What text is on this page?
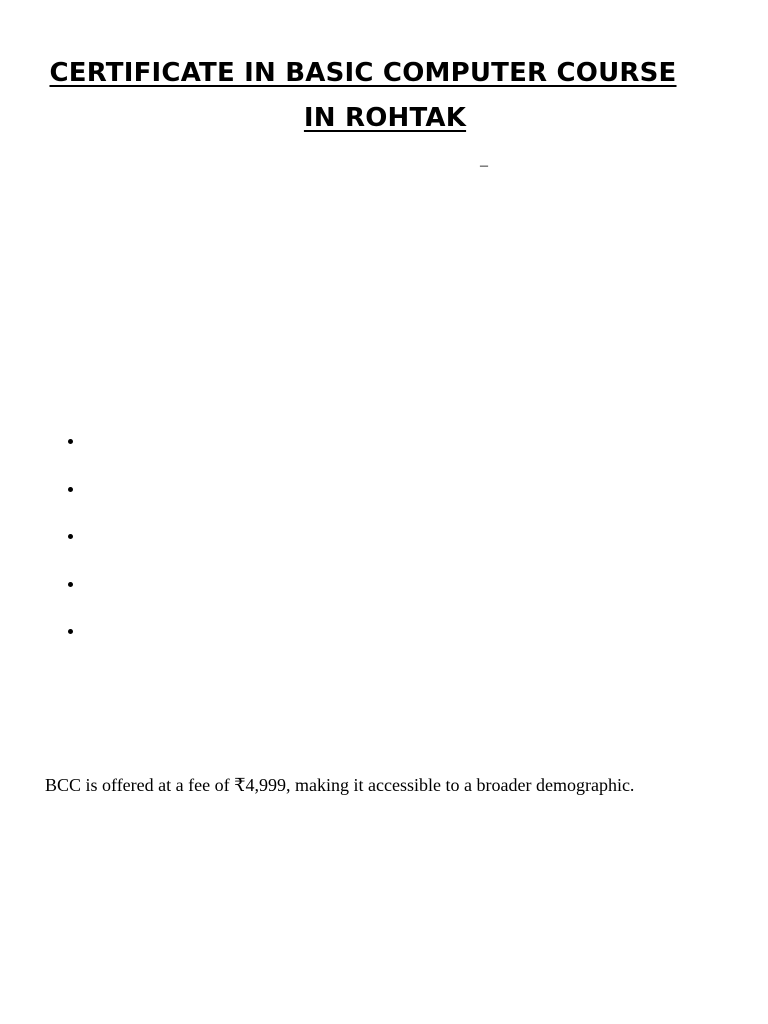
CERTIFICATE IN BASIC COMPUTER COURSE
IN ROHTAK
–

BCC is offered at a fee of ₹4,999, making it accessible to a broader demographic.
